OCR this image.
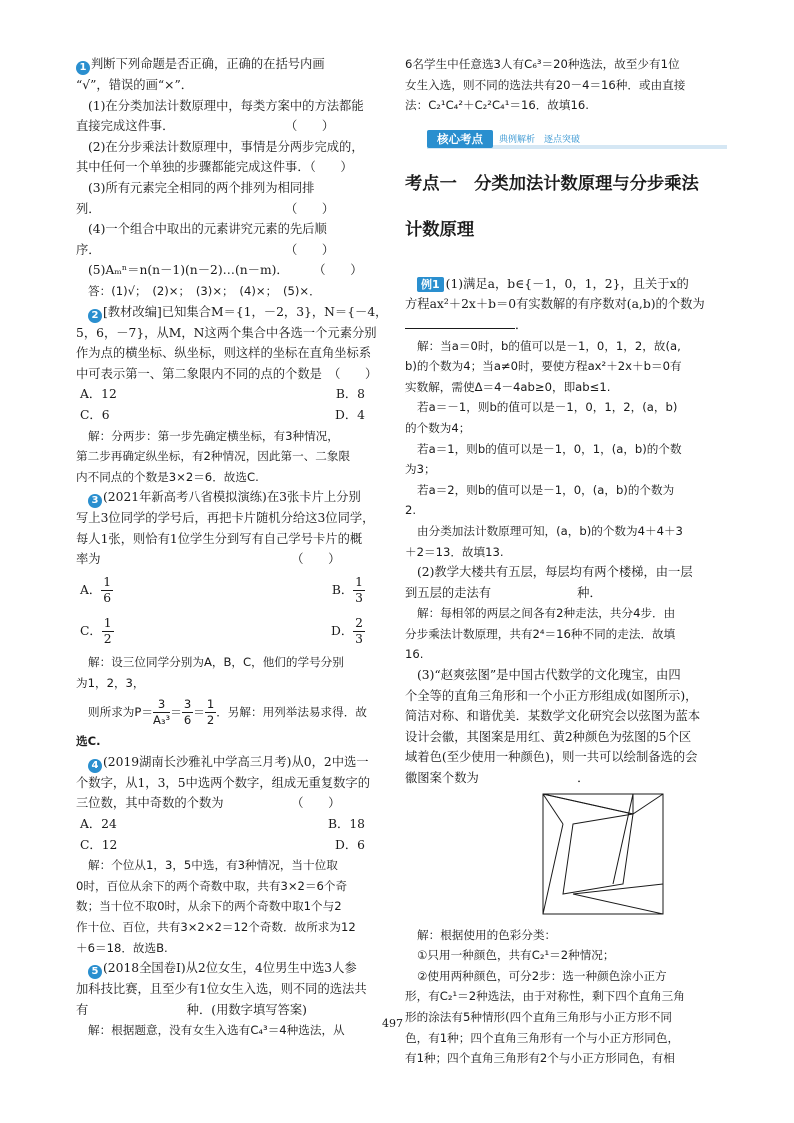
1 判断下列命题是否正确，正确的在括号内画
“√”，错误的画“×”．
(1)在分类加法计数原理中，每类方案中的方法都能
直接完成这件事．　　　　　　　　　　（　　）
(2)在分步乘法计数原理中，事情是分两步完成的，
其中任何一个单独的步骤都能完成这件事．（　　）
(3)所有元素完全相同的两个排列为相同排
列．　　　　　　　　　　　　　　　　（　　）
(4)一个组合中取出的元素讲究元素的先后顺
序．　　　　　　　　　　　　　　　　（　　）
(5)Aₘⁿ＝n(n－1)(n－2)…(n－m)．　　　（　　）
答：(1)√；　(2)×；　(3)×；　(4)×；　(5)×．
2 [教材改编]已知集合M＝{1，－2，3}，N＝{－4，
5，6，－7}，从M，N这两个集合中各选一个元素分别
作为点的横坐标、纵坐标，则这样的坐标在直角坐标系
中可表示第一、第二象限内不同的点的个数是　（　　）
A．12	B．8
C．6	D．4
解：分两步：第一步先确定横坐标，有3种情况，
第二步再确定纵坐标，有2种情况，因此第一、二象限
内不同点的个数是3×2＝6．故选C.
3 (2021年新高考八省模拟演练)在3张卡片上分别
写上3位同学的学号后，再把卡片随机分给这3位同学，
每人1张，则恰有1位学生分到写有自己学号卡片的概
率为　　　　　　　　　　　　　　　　（　　）
A． $\frac{1}{6}$	B． $\frac{1}{3}$
C． $\frac{1}{2}$	D． $\frac{2}{3}$
解：设三位同学分别为A，B，C，他们的学号分别
为1，2，3，
则所求为$P= \frac{3}{\text{A₃³}} = \frac{3}{6} = \frac{1}{2}$ ．另解：用列举法易求得．故
选C.
4 (2019湖南长沙雅礼中学高三月考)从0，2中选一
个数字，从1，3，5中选两个数字，组成无重复数字的
三位数，其中奇数的个数为　　　　　　（　　）
A．24	B．18
C．12	D．6
解：个位从1，3，5中选，有3种情况，当十位取
0时，百位从余下的两个奇数中取，共有3×2＝6个奇
数；当十位不取0时，从余下的两个奇数中取1个与2
作十位、百位，共有3×2×2＝12个奇数．故所求为12
＋6＝18．故选B.
5 (2018全国卷Ⅰ)从2位女生，4位男生中选3人参
加科技比赛，且至少有1位女生入选，则不同的选法共
有　　　　　　　　种．(用数字填写答案)
解：根据题意，没有女生入选有C₄³＝4种选法，从
6名学生中任意选3人有C₆³＝20种选法，故至少有1位
女生入选，则不同的选法共有20－4＝16种．或由直接
法：C₂¹C₄²＋C₂²C₄¹＝16．故填16.
核心考点	典例解析　逐点突破
考点一　分类加法计数原理与分步乘法
计数原理
例1 (1)满足a，b∈{－1，0，1，2}，且关于x的
方程ax²＋2x＋b＝0有实数解的有序数对(a,b)的个数为
．
解：当a＝0时，b的值可以是－1，0，1，2，故(a,
b)的个数为4；当a≠0时，要使方程ax²＋2x＋b＝0有
实数解，需使Δ＝4－4ab≥0，即ab≤1.
若a＝－1，则b的值可以是－1，0，1，2，(a，b)
的个数为4；
若a＝1，则b的值可以是－1，0，1，(a，b)的个数
为3；
若a＝2，则b的值可以是－1，0，(a，b)的个数为
2.
由分类加法计数原理可知，(a，b)的个数为4＋4＋3
＋2＝13．故填13.
(2)教学大楼共有五层，每层均有两个楼梯，由一层
到五层的走法有　　　　　　　种．
解：每相邻的两层之间各有2种走法，共分4步．由
分步乘法计数原理，共有2⁴＝16种不同的走法．故填
16.
(3)“赵爽弦图”是中国古代数学的文化瑰宝，由四
个全等的直角三角形和一个小正方形组成(如图所示)，
简洁对称、和谐优美．某数学文化研究会以弦图为蓝本
设计会徽，其图案是用红、黄2种颜色为弦图的5个区
域着色(至少使用一种颜色)，则一共可以绘制备选的会
徽图案个数为　　　　　　　　．
解：根据使用的色彩分类：
①只用一种颜色，共有C₂¹＝2种情况；
②使用两种颜色，可分2步：选一种颜色涂小正方
形，有C₂¹＝2种选法，由于对称性，剩下四个直角三角
形的涂法有5种情形(四个直角三角形与小正方形不同
色，有1种；四个直角三角形有一个与小正方形同色，
有1种；四个直角三角形有2个与小正方形同色，有相
497
